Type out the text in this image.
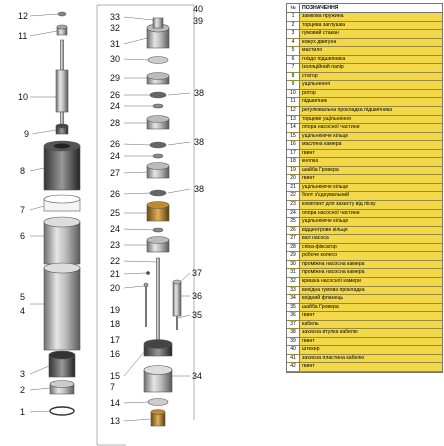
12
11
10
9
8
7
6
5
4
3
2
1
33
32
31
30
29
26
24
28
26
24
27
26
25
24
23
22
21
20
19
18
17
16
15
7
14
13
40
39
38
38
38
37
36
35
34
№	ПОЗНАЧЕННЯ
1	замкова пружина
2	торцева заглушка
3	гумовий стакан
4	кожух двигуна
5	мастило
6	гніздо підшипника
7	ізоляційний папір
8	статор
9	ущільнення
10	ротор
11	підшипник
12	регулювальна прокладка підшипника
13	торцеве ущільнення
14	опора насосної частини
15	ущільнююче кільце
16	масляна камера
17	гвинт
18	кнопка
19	шайба Гровера
20	гвинт
21	ущільнююче кільце
22	болт з'єднувальний
23	комплект для захисту від піску
24	опора насосної частини
25	ущільнююче кільце
26	відцентрове кільце
27	вал насоса
28	спіка-фіксатор
29	робоче колесо
30	проміжна насосна камера
31	проміжна насосна камера
32	кришка насосної камери
33	вихідна гумова прокладка
34	вхідний фланець
35	шайба Гровера
36	гвинт
37	кабель
38	захисна втулка кабелю
39	гвинт
40	штекер
41	захисна пластина кабелю
42	гвинт
